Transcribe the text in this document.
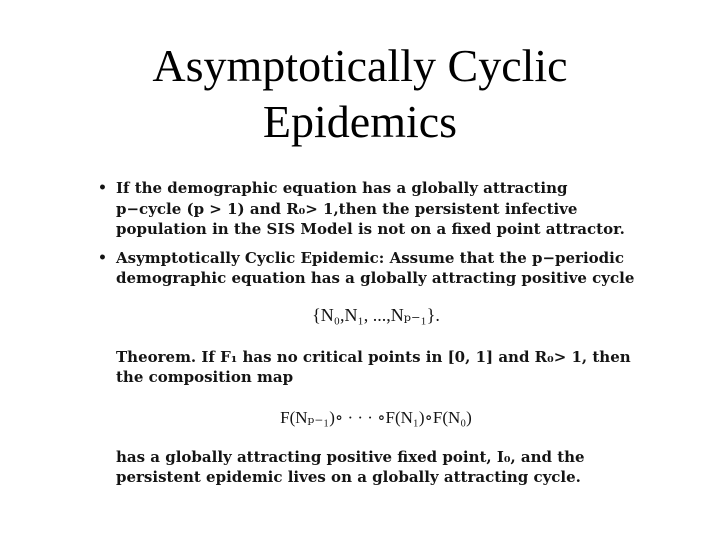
Asymptotically Cyclic
Epidemics

• If the demographic equation has a globally attracting p−cycle (p > 1) and R₀> 1,then the persistent infective population in the SIS Model is not on a fixed point attractor.

• Asymptotically Cyclic Epidemic: Assume that the p−periodic demographic equation has a globally attracting positive cycle

{N₀,N₁, ...,Nₚ₋₁}.

Theorem. If F₁ has no critical points in [0, 1] and R₀> 1, then the composition map

F(Nₚ₋₁)∘ · · · ∘F(N₁)∘F(N₀)

has a globally attracting positive fixed point, I₀, and the persistent epidemic lives on a globally attracting cycle.
